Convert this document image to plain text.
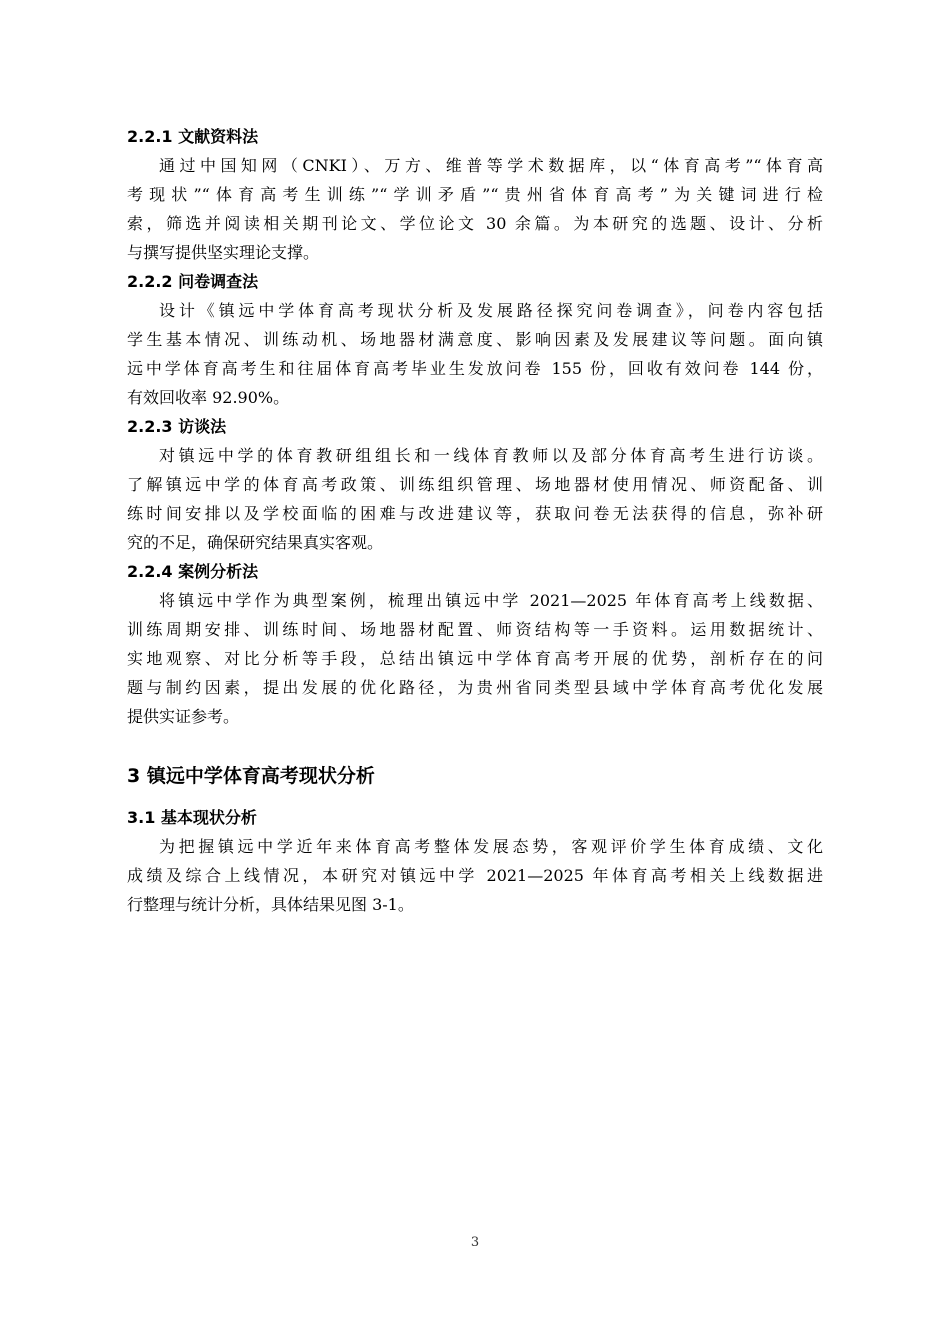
2.2.1 文献资料法
通过中国知网（CNKI）、万方、维普等学术数据库，以“体育高考”“体育高
考现状”“体育高考生训练”“学训矛盾”“贵州省体育高考”为关键词进行检
索，筛选并阅读相关期刊论文、学位论文 30 余篇。为本研究的选题、设计、分析
与撰写提供坚实理论支撑。
2.2.2 问卷调查法
设计《镇远中学体育高考现状分析及发展路径探究问卷调查》，问卷内容包括
学生基本情况、训练动机、场地器材满意度、影响因素及发展建议等问题。面向镇
远中学体育高考生和往届体育高考毕业生发放问卷 155 份，回收有效问卷 144 份，
有效回收率 92.90%。
2.2.3 访谈法
对镇远中学的体育教研组组长和一线体育教师以及部分体育高考生进行访谈。
了解镇远中学的体育高考政策、训练组织管理、场地器材使用情况、师资配备、训
练时间安排以及学校面临的困难与改进建议等，获取问卷无法获得的信息，弥补研
究的不足，确保研究结果真实客观。
2.2.4 案例分析法
将镇远中学作为典型案例，梳理出镇远中学 2021—2025 年体育高考上线数据、
训练周期安排、训练时间、场地器材配置、师资结构等一手资料。运用数据统计、
实地观察、对比分析等手段，总结出镇远中学体育高考开展的优势，剖析存在的问
题与制约因素，提出发展的优化路径，为贵州省同类型县域中学体育高考优化发展
提供实证参考。
3 镇远中学体育高考现状分析
3.1 基本现状分析
为把握镇远中学近年来体育高考整体发展态势，客观评价学生体育成绩、文化
成绩及综合上线情况，本研究对镇远中学 2021—2025 年体育高考相关上线数据进
行整理与统计分析，具体结果见图 3-1。
3
